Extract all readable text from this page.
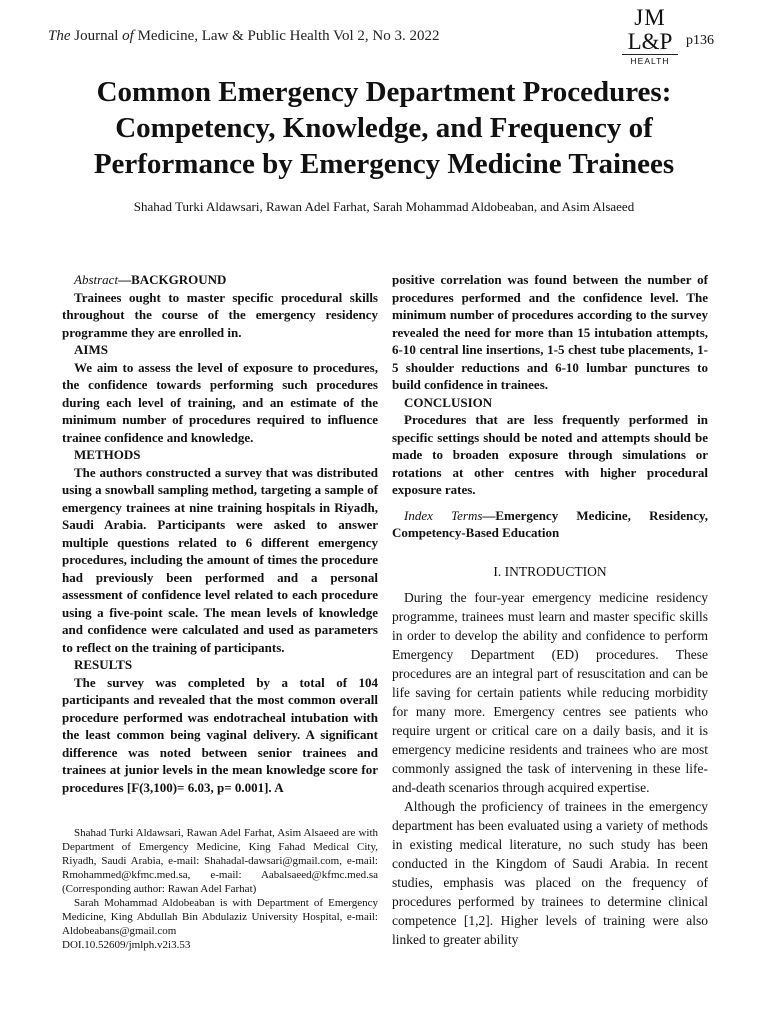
The Journal of Medicine, Law & Public Health Vol 2, No 3. 2022
JM
L&P
HEALTH
p136
Common Emergency Department Procedures:
Competency, Knowledge, and Frequency of
Performance by Emergency Medicine Trainees
Shahad Turki Aldawsari, Rawan Adel Farhat, Sarah Mohammad Aldobeaban, and Asim Alsaeed

Abstract—BACKGROUND

Trainees ought to master specific procedural skills throughout the course of the emergency residency programme they are enrolled in.

AIMS

We aim to assess the level of exposure to procedures, the confidence towards performing such procedures during each level of training, and an estimate of the minimum number of procedures required to influence trainee confidence and knowledge.

METHODS

The authors constructed a survey that was distributed using a snowball sampling method, targeting a sample of emergency trainees at nine training hospitals in Riyadh, Saudi Arabia. Participants were asked to answer multiple questions related to 6 different emergency procedures, including the amount of times the procedure had previously been performed and a personal assessment of confidence level related to each procedure using a five-point scale. The mean levels of knowledge and confidence were calculated and used as parameters to reflect on the training of participants.

RESULTS

The survey was completed by a total of 104 participants and revealed that the most common overall procedure performed was endotracheal intubation with the least common being vaginal delivery. A significant difference was noted between senior trainees and trainees at junior levels in the mean knowledge score for procedures [F(3,100)= 6.03, p= 0.001]. A

Shahad Turki Aldawsari, Rawan Adel Farhat, Asim Alsaeed are with Department of Emergency Medicine, King Fahad Medical City, Riyadh, Saudi Arabia, e-mail: Shahadal-dawsari@gmail.com, e-mail: Rmohammed@kfmc.med.sa, e-mail: Aabalsaeed@kfmc.med.sa (Corresponding author: Rawan Adel Farhat)

Sarah Mohammad Aldobeaban is with Department of Emergency Medicine, King Abdullah Bin Abdulaziz University Hospital, e-mail: Aldobeabans@gmail.com

DOI.10.52609/jmlph.v2i3.53

positive correlation was found between the number of procedures performed and the confidence level. The minimum number of procedures according to the survey revealed the need for more than 15 intubation attempts, 6-10 central line insertions, 1-5 chest tube placements, 1-5 shoulder reductions and 6-10 lumbar punctures to build confidence in trainees.

CONCLUSION

Procedures that are less frequently performed in specific settings should be noted and attempts should be made to broaden exposure through simulations or rotations at other centres with higher procedural exposure rates.

Index Terms—Emergency Medicine, Residency, Competency-Based Education

I. INTRODUCTION

During the four-year emergency medicine residency programme, trainees must learn and master specific skills in order to develop the ability and confidence to perform Emergency Department (ED) procedures. These procedures are an integral part of resuscitation and can be life saving for certain patients while reducing morbidity for many more. Emergency centres see patients who require urgent or critical care on a daily basis, and it is emergency medicine residents and trainees who are most commonly assigned the task of intervening in these life-and-death scenarios through acquired expertise.

Although the proficiency of trainees in the emergency department has been evaluated using a variety of methods in existing medical literature, no such study has been conducted in the Kingdom of Saudi Arabia. In recent studies, emphasis was placed on the frequency of procedures performed by trainees to determine clinical competence [1,2]. Higher levels of training were also linked to greater ability
